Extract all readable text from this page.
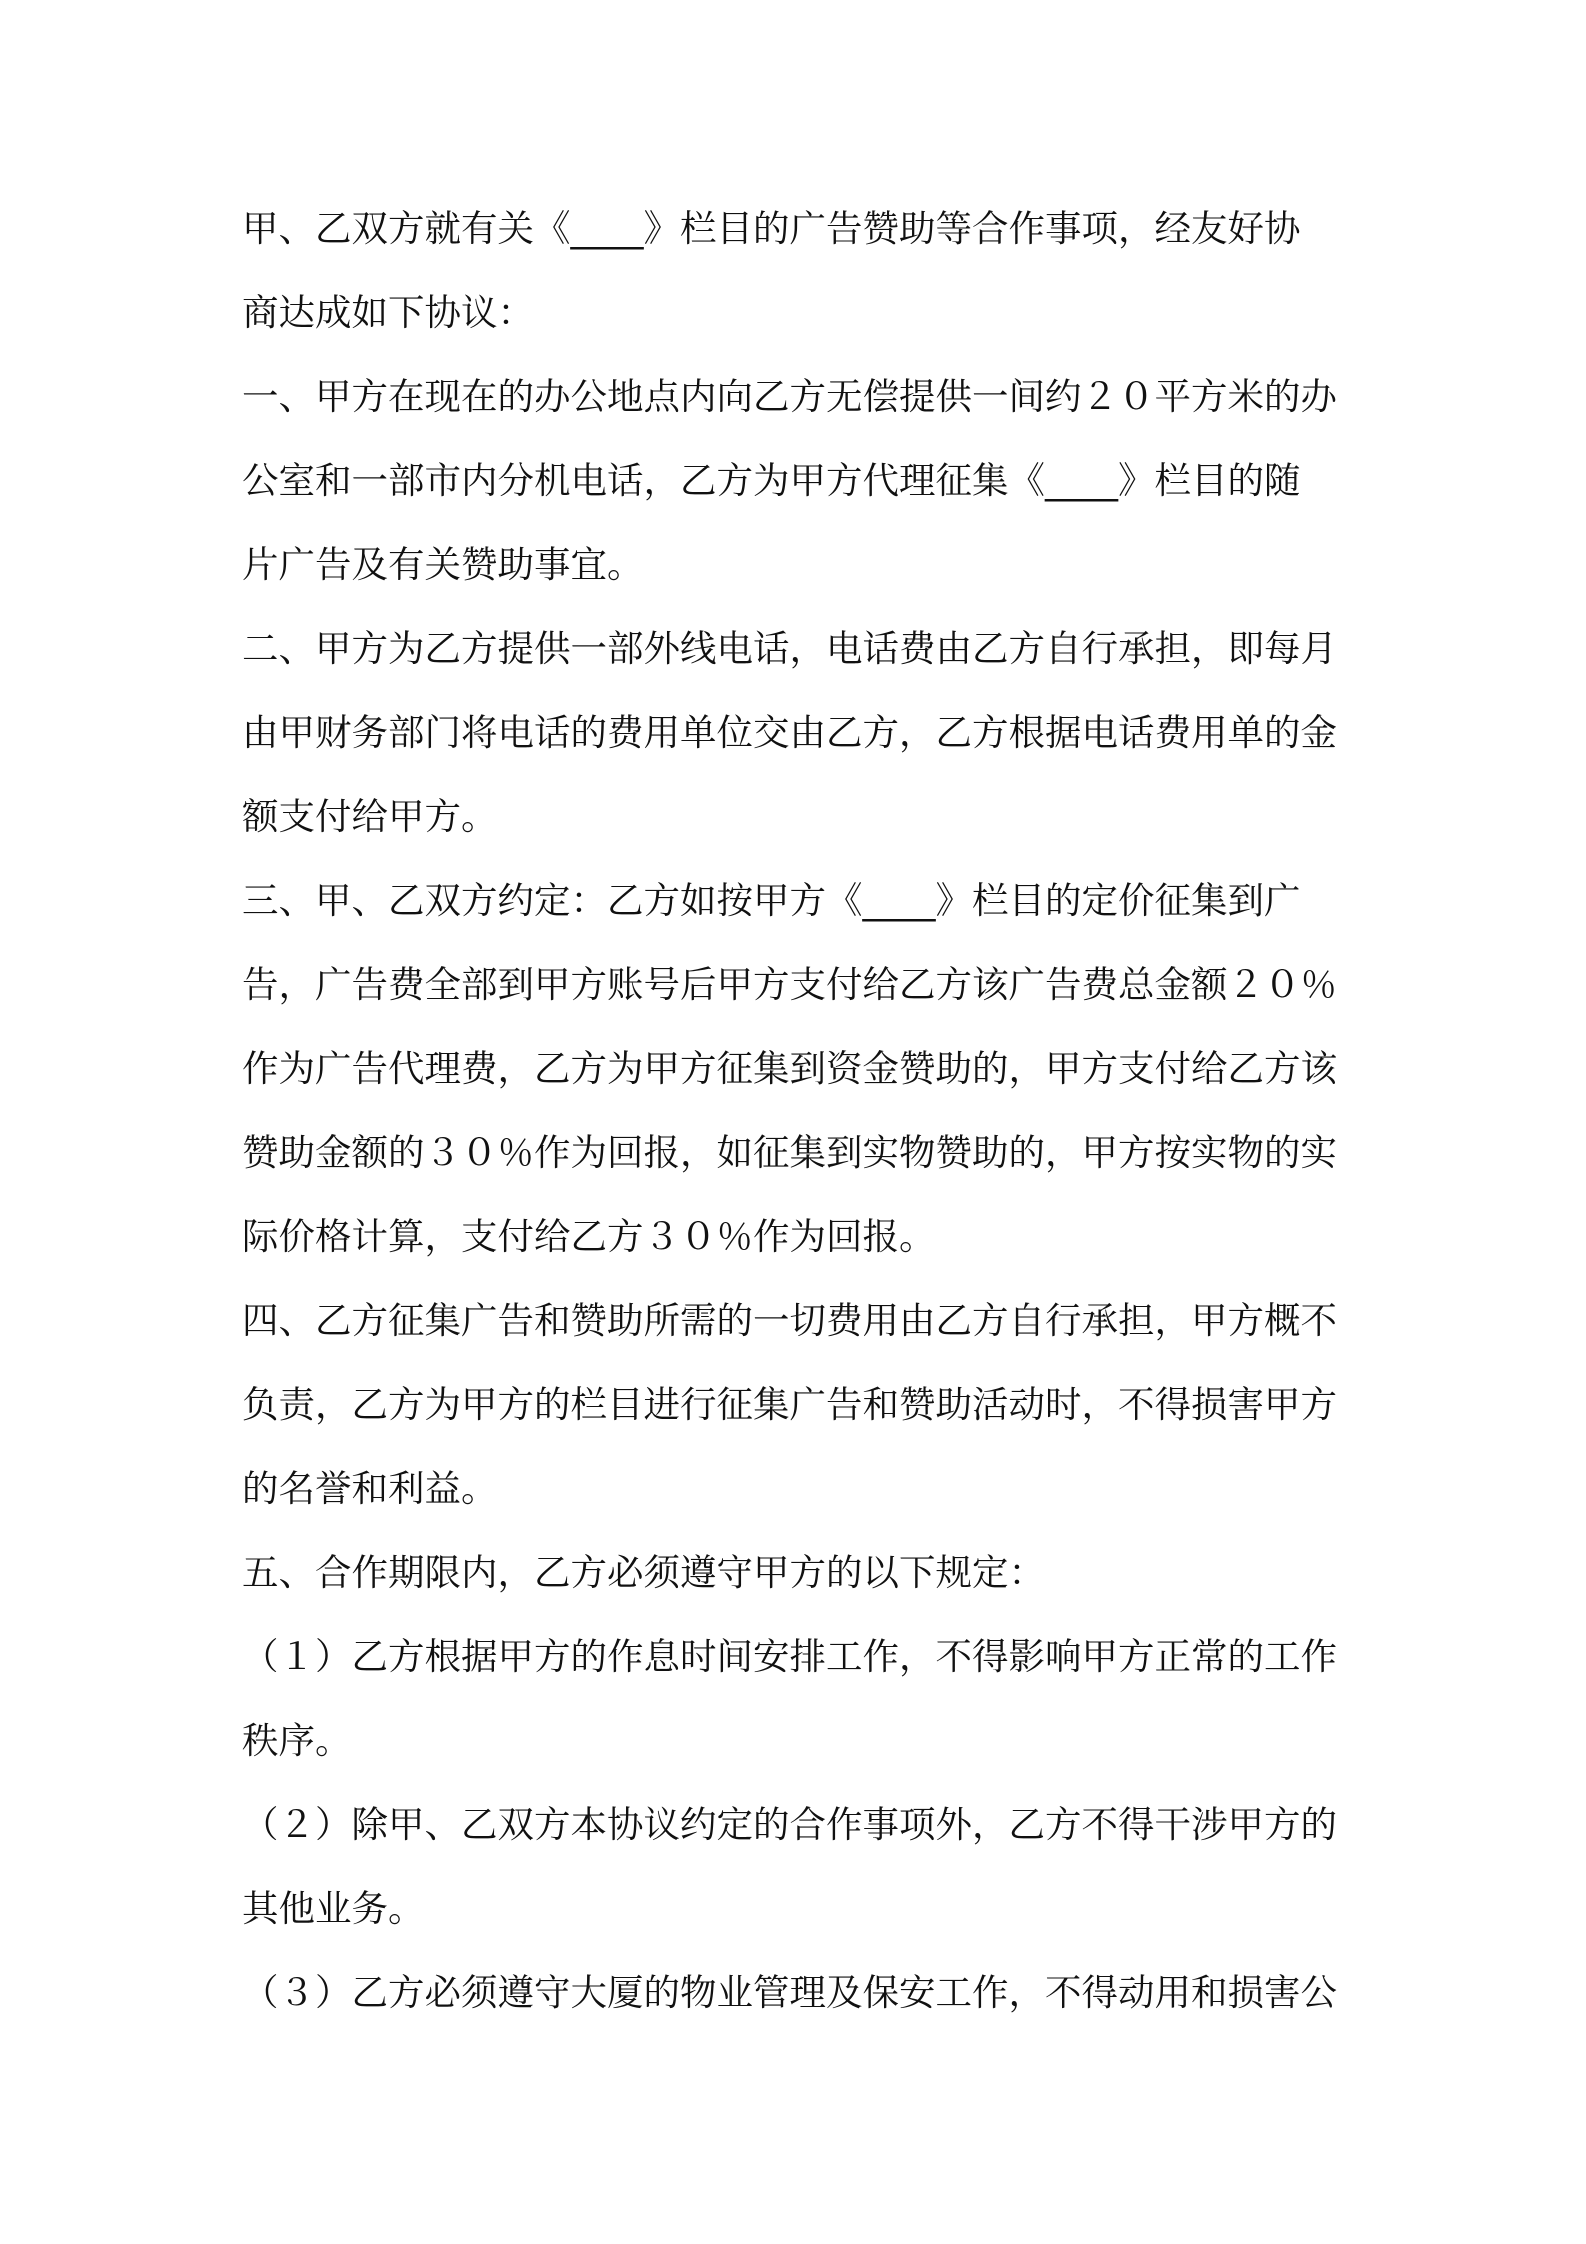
甲、乙双方就有关《____》栏目的广告赞助等合作事项，经友好协
商达成如下协议：
一、甲方在现在的办公地点内向乙方无偿提供一间约２０平方米的办
公室和一部市内分机电话，乙方为甲方代理征集《____》栏目的随
片广告及有关赞助事宜。
二、甲方为乙方提供一部外线电话，电话费由乙方自行承担，即每月
由甲财务部门将电话的费用单位交由乙方，乙方根据电话费用单的金
额支付给甲方。
三、甲、乙双方约定：乙方如按甲方《____》栏目的定价征集到广
告，广告费全部到甲方账号后甲方支付给乙方该广告费总金额２０％
作为广告代理费，乙方为甲方征集到资金赞助的，甲方支付给乙方该
赞助金额的３０％作为回报，如征集到实物赞助的，甲方按实物的实
际价格计算，支付给乙方３０％作为回报。
四、乙方征集广告和赞助所需的一切费用由乙方自行承担，甲方概不
负责，乙方为甲方的栏目进行征集广告和赞助活动时，不得损害甲方
的名誉和利益。
五、合作期限内，乙方必须遵守甲方的以下规定：
（１）乙方根据甲方的作息时间安排工作，不得影响甲方正常的工作
秩序。
（２）除甲、乙双方本协议约定的合作事项外，乙方不得干涉甲方的
其他业务。
（３）乙方必须遵守大厦的物业管理及保安工作，不得动用和损害公
